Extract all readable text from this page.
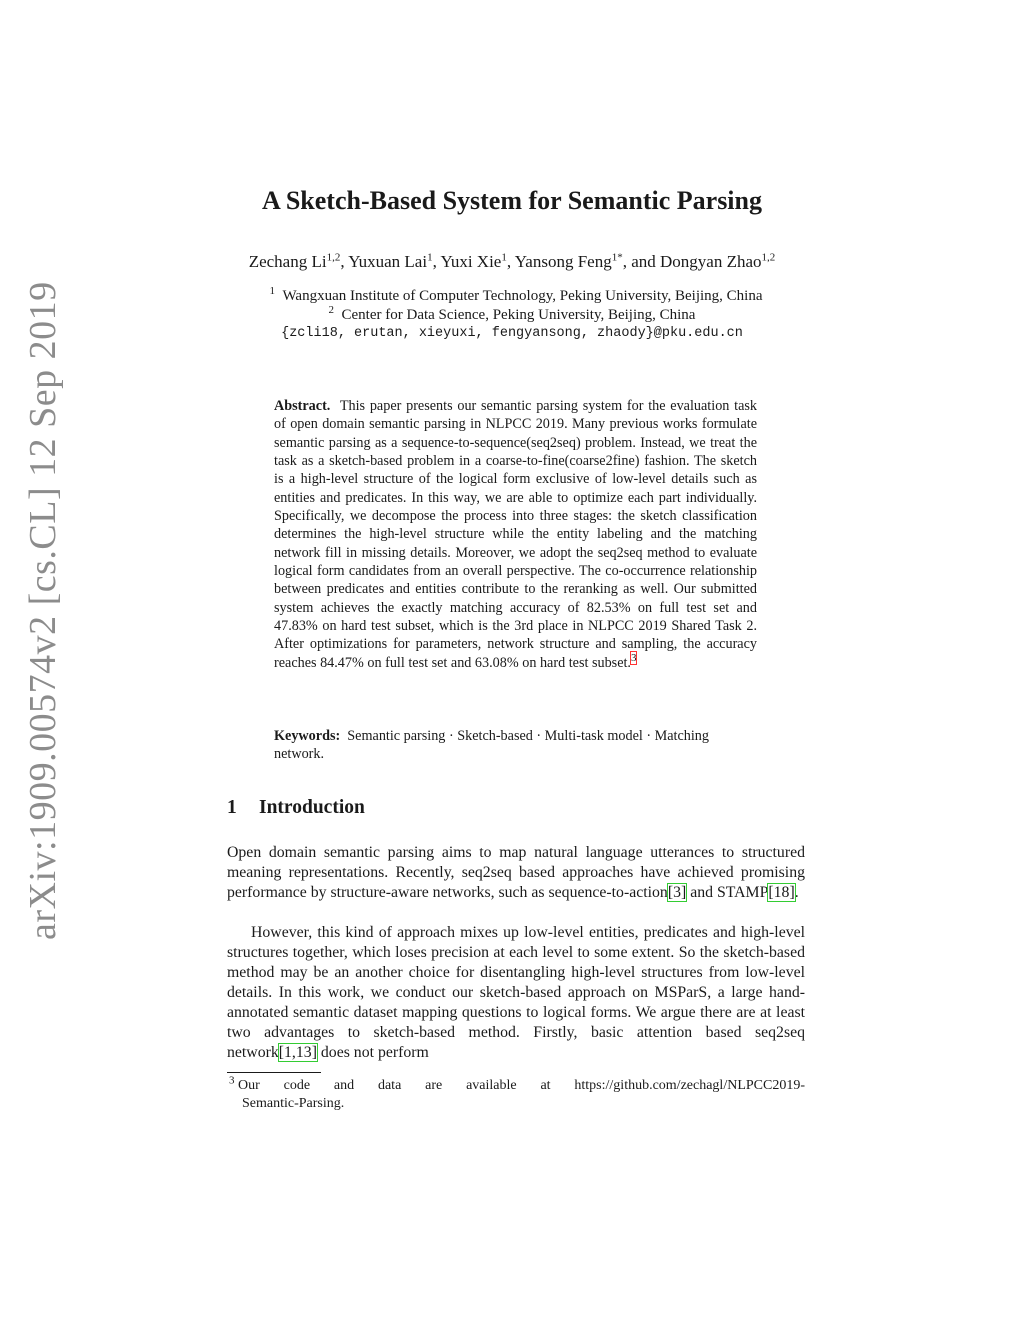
arXiv:1909.00574v2 [cs.CL] 12 Sep 2019
A Sketch-Based System for Semantic Parsing
Zechang Li$^{1,2}$, Yuxuan Lai$^1$, Yuxi Xie$^1$, Yansong Feng$^{1*}$, and Dongyan Zhao$^{1,2}$
$^1$ Wangxuan Institute of Computer Technology, Peking University, Beijing, China
$^2$ Center for Data Science, Peking University, Beijing, China
{zcli18, erutan, xieyuxi, fengyansong, zhaody}@pku.edu.cn
Abstract. This paper presents our semantic parsing system for the evaluation task of open domain semantic parsing in NLPCC 2019. Many previous works formulate semantic parsing as a sequence-to-sequence(seq2seq) problem. Instead, we treat the task as a sketch-based problem in a coarse-to-fine(coarse2fine) fashion. The sketch is a high-level structure of the logical form exclusive of low-level details such as entities and predicates. In this way, we are able to optimize each part individually. Specifically, we decompose the process into three stages: the sketch classification determines the high-level structure while the entity labeling and the matching network fill in missing details. Moreover, we adopt the seq2seq method to evaluate logical form candidates from an overall perspective. The co-occurrence relationship between predicates and entities contribute to the reranking as well. Our submitted system achieves the exactly matching accuracy of 82.53% on full test set and 47.83% on hard test subset, which is the 3rd place in NLPCC 2019 Shared Task 2. After optimizations for parameters, network structure and sampling, the accuracy reaches 84.47% on full test set and 63.08% on hard test subset.$^3$
Keywords: Semantic parsing · Sketch-based · Multi-task model · Matching network.
1 Introduction
Open domain semantic parsing aims to map natural language utterances to structured meaning representations. Recently, seq2seq based approaches have achieved promising performance by structure-aware networks, such as sequence-to-action[3] and STAMP[18].
However, this kind of approach mixes up low-level entities, predicates and high-level structures together, which loses precision at each level to some extent. So the sketch-based method may be an another choice for disentangling high-level structures from low-level details. In this work, we conduct our sketch-based approach on MSParS, a large hand-annotated semantic dataset mapping questions to logical forms. We argue there are at least two advantages to sketch-based method. Firstly, basic attention based seq2seq network[1,13] does not perform
$^3$ Our code and data are available at https://github.com/zechagl/NLPCC2019-
Semantic-Parsing.
